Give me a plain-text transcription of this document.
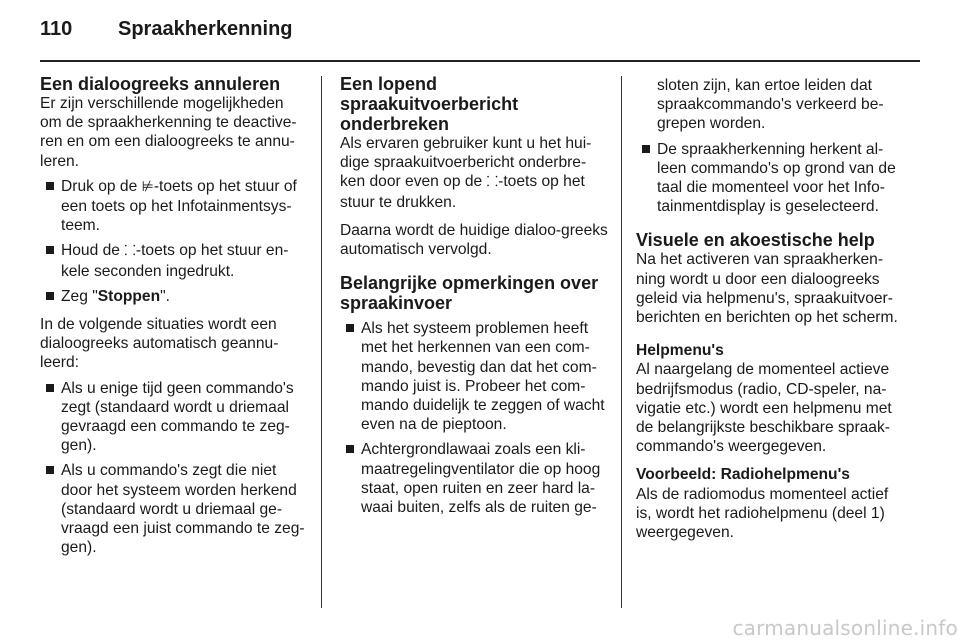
110 Spraakherkenning
Een dialoogreeks annuleren

Er zijn verschillende mogelijkheden om de spraakherkenning te deactive-ren en om een dialoogreeks te annu-leren.

Druk op de ⊭-toets op het stuur of een toets op het Infotainmentsys-teem.
Houd de ⸬-toets op het stuur en-kele seconden ingedrukt.
Zeg "Stoppen".

In de volgende situaties wordt een dialoogreeks automatisch geannu-leerd:

Als u enige tijd geen commando's zegt (standaard wordt u driemaal gevraagd een commando te zeg-gen).
Als u commando's zegt die niet door het systeem worden herkend (standaard wordt u driemaal ge-vraagd een juist commando te zeg-gen).
Een lopend spraakuitvoerbericht onderbreken

Als ervaren gebruiker kunt u het hui-dige spraakuitvoerbericht onderbre-ken door even op de ⸬-toets op het stuur te drukken.

Daarna wordt de huidige dialoo-greeks automatisch vervolgd.

Belangrijke opmerkingen over spraakinvoer
Als het systeem problemen heeft met het herkennen van een com-mando, bevestig dan dat het com-mando juist is. Probeer het com-mando duidelijk te zeggen of wacht even na de pieptoon.
Achtergrondlawaai zoals een kli-maatregelingventilator die op hoog staat, open ruiten en zeer hard la-waai buiten, zelfs als de ruiten ge-

sloten zijn, kan ertoe leiden dat spraakcommando's verkeerd be-grepen worden.

De spraakherkenning herkent al-leen commando's op grond van de taal die momenteel voor het Info-tainmentdisplay is geselecteerd.
Visuele en akoestische help

Na het activeren van spraakherken-ning wordt u door een dialoogreeks geleid via helpmenu's, spraakuitvoer-berichten en berichten op het scherm.

Helpmenu's

Al naargelang de momenteel actieve bedrijfsmodus (radio, CD-speler, na-vigatie etc.) wordt een helpmenu met de belangrijkste beschikbare spraak-commando's weergegeven.

Voorbeeld: Radiohelpmenu's

Als de radiomodus momenteel actief is, wordt het radiohelpmenu (deel 1) weergegeven.

carmanualsonline.info
